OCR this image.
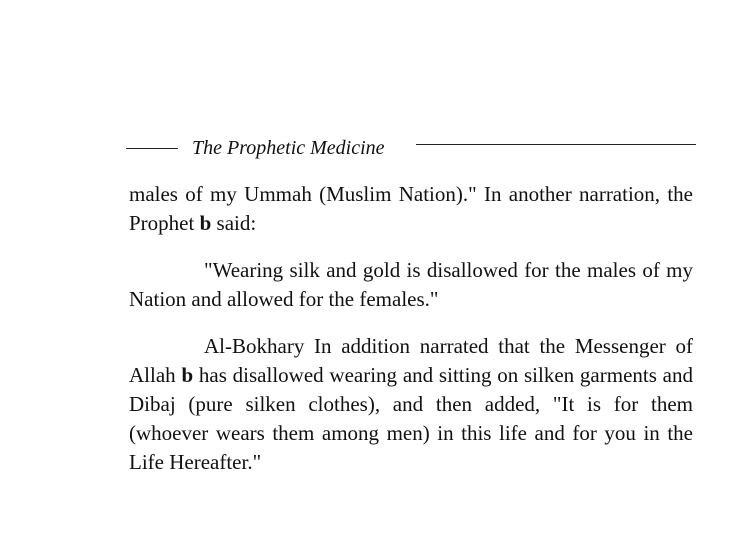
The Prophetic Medicine

males of my Ummah (Muslim Nation)." In another narration, the Prophet b said:

"Wearing silk and gold is disallowed for the males of my Nation and allowed for the females."

Al-Bokhary In addition narrated that the Messenger of Allah b has disallowed wearing and sitting on silken garments and Dibaj (pure silken clothes), and then added, "It is for them (whoever wears them among men) in this life and for you in the Life Hereafter."
